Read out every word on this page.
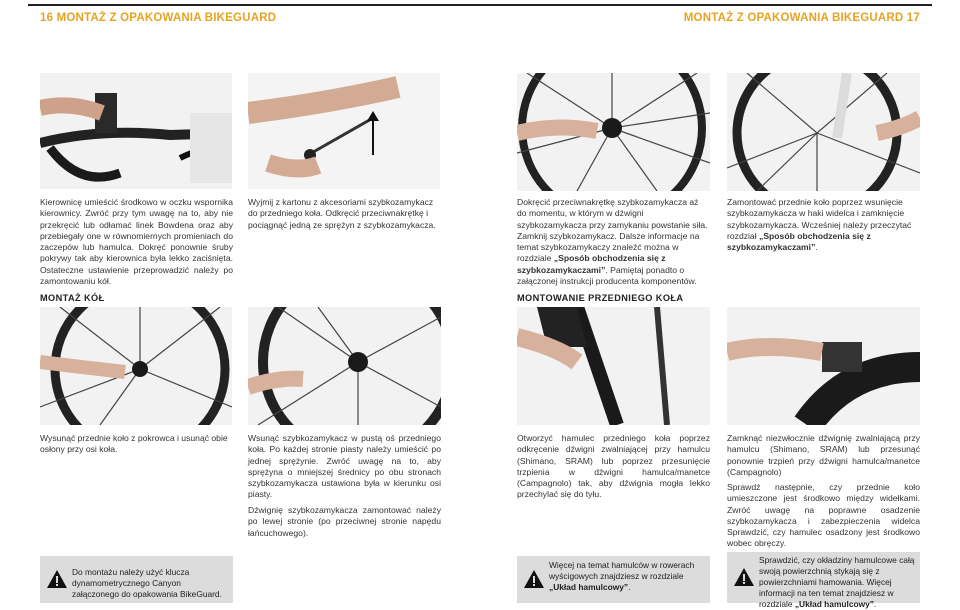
16 MONTAŻ Z OPAKOWANIA BIKEGUARD	MONTAŻ Z OPAKOWANIA BIKEGUARD 17
Kierownicę umieścić środkowo w oczku wspornika kierownicy. Zwróć przy tym uwagę na to, aby nie przekręcić lub odłamać linek Bowdena oraz aby przebiegały one w równomiernych promieniach do zaczepów lub hamulca. Dokręć ponownie śruby pokrywy tak aby kierownica była lekko zaciśnięta. Ostateczne ustawienie przeprowadzić należy po zamontowaniu kół.
Wyjmij z kartonu z akcesoriami szybkozamykacz do przedniego koła. Odkręcić przeciwnakrętkę i pociągnąć jedną ze sprężyn z szybkozamykacza.
Dokręcić przeciwnakrętkę szybkozamykacza aż do momentu, w którym w dźwigni szybkozamykacza przy zamykaniu powstanie siła. Zamknij szybkozamykacz. Dalsze informacje na temat szybkozamykaczy znaleźć można w rozdziale „Sposób obchodzenia się z szybkozamykaczami”. Pamiętaj ponadto o załączonej instrukcji producenta komponentów.
Zamontować przednie koło poprzez wsunięcie szybkozamykacza w haki widelca i zamknięcie szybkozamykacza. Wcześniej należy przeczytać rozdział „Sposób obchodzenia się z szybkozamykaczami”.
MONTAŻ KÓŁ	MONTOWANIE PRZEDNIEGO KOŁA
Wysunąć przednie koło z pokrowca i usunąć obie osłony przy osi koła.
Wsunąć szybkozamykacz w pustą oś przedniego koła. Po każdej stronie piasty należy umieścić po jednej sprężynie. Zwróć uwagę na to, aby sprężyna o mniejszej średnicy po obu stronach szybkozamykacza ustawiona była w kierunku osi piasty.
Dźwignię szybkozamykacza zamontować należy po lewej stronie (po przeciwnej stronie napędu łańcuchowego).
Otworzyć hamulec przedniego koła poprzez odkręcenie dźwigni zwalniającej przy hamulcu (Shimano, SRAM) lub poprzez przesunięcie trzpienia w dźwigni hamulca/manetce (Campagnolo) tak, aby dźwignia mogła lekko przechylać się do tyłu.
Zamknąć niezwłocznie dźwignię zwalniającą przy hamulcu (Shimano, SRAM) lub przesunąć ponownie trzpień przy dźwigni hamulca/manetce (Campagnolo)
Sprawdź następnie, czy przednie koło umieszczone jest środkowo między widełkami. Zwróć uwagę na poprawne osadzenie szybkozamykacza i zabezpieczenia widelca Sprawdzić, czy hamulec osadzony jest środkowo wobec obręczy.
Do montażu należy użyć klucza dynamometrycznego Canyon załączonego do opakowania BikeGuard.
Więcej na temat hamulców w rowerach wyścigowych znajdziesz w rozdziale „Układ hamulcowy”.
Sprawdzić, czy okładziny hamulcowe całą swoją powierzchnią stykają się z powierzchniami hamowania. Więcej informacji na ten temat znajdziesz w rozdziale „Układ hamulcowy”.
